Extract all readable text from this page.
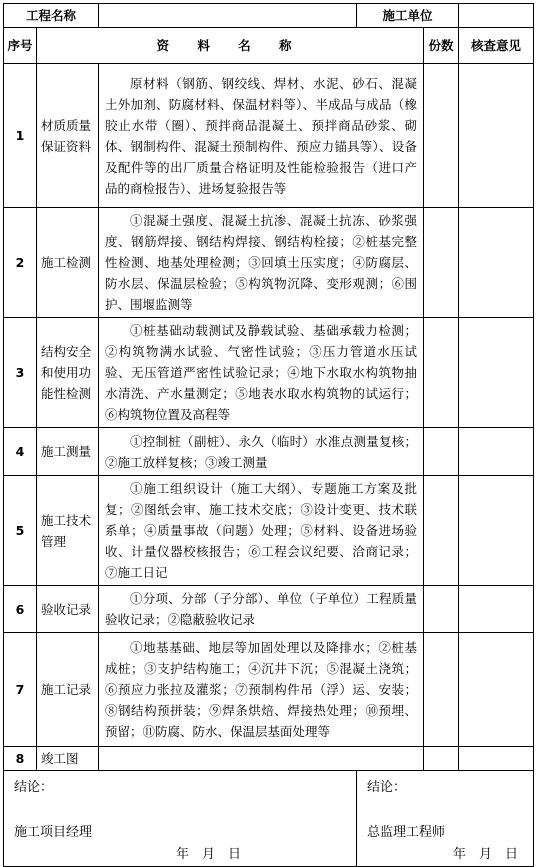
工程名称			施工单位		
序号	资 料 名 称			份数	核查意见
1	材质质量保证资料	原材料（钢筋、钢绞线、焊材、水泥、砂石、混凝土外加剂、防腐材料、保温材料等）、半成品与成品（橡胶止水带（圈）、预拌商品混凝土、预拌商品砂浆、砌体、钢制构件、混凝土预制构件、预应力锚具等）、设备及配件等的出厂质量合格证明及性能检验报告（进口产品的商检报告）、进场复验报告等			

2	施工检测	①混凝土强度、混凝土抗渗、混凝土抗冻、砂浆强度、钢筋焊接、钢结构焊接、钢结构栓接；②桩基完整性检测、地基处理检测；③回填土压实度；④防腐层、防水层、保温层检验；⑤构筑物沉降、变形观测；⑥围护、围堰监测等			

3	结构安全和使用功能性检测	①桩基础动载测试及静载试验、基础承载力检测；②构筑物满水试验、气密性试验；③压力管道水压试验、无压管道严密性试验记录；④地下水取水构筑物抽水清洗、产水量测定；⑤地表水取水构筑物的试运行；⑥构筑物位置及高程等			

4	施工测量	①控制桩（副桩）、永久（临时）水准点测量复核；②施工放样复核；③竣工测量			

5	施工技术管理	①施工组织设计（施工大纲）、专题施工方案及批复；②图纸会审、施工技术交底；③设计变更、技术联系单；④质量事故（问题）处理；⑤材料、设备进场验收、计量仪器校核报告；⑥工程会议纪要、洽商记录；⑦施工日记			

6	验收记录	①分项、分部（子分部）、单位（子单位）工程质量验收记录；②隐蔽验收记录			

7	施工记录	①地基基础、地层等加固处理以及降排水；②桩基成桩；③支护结构施工；④沉井下沉；⑤混凝土浇筑；⑥预应力张拉及灌浆；⑦预制构件吊（浮）运、安装；⑧钢结构预拼装；⑨焊条烘焙、焊接热处理；⑩预埋、预留；⑪防腐、防水、保温层基面处理等			

8	竣工图		

结论：
施工项目经理
年　月　日			结论：
总监理工程师
年　月　日		
